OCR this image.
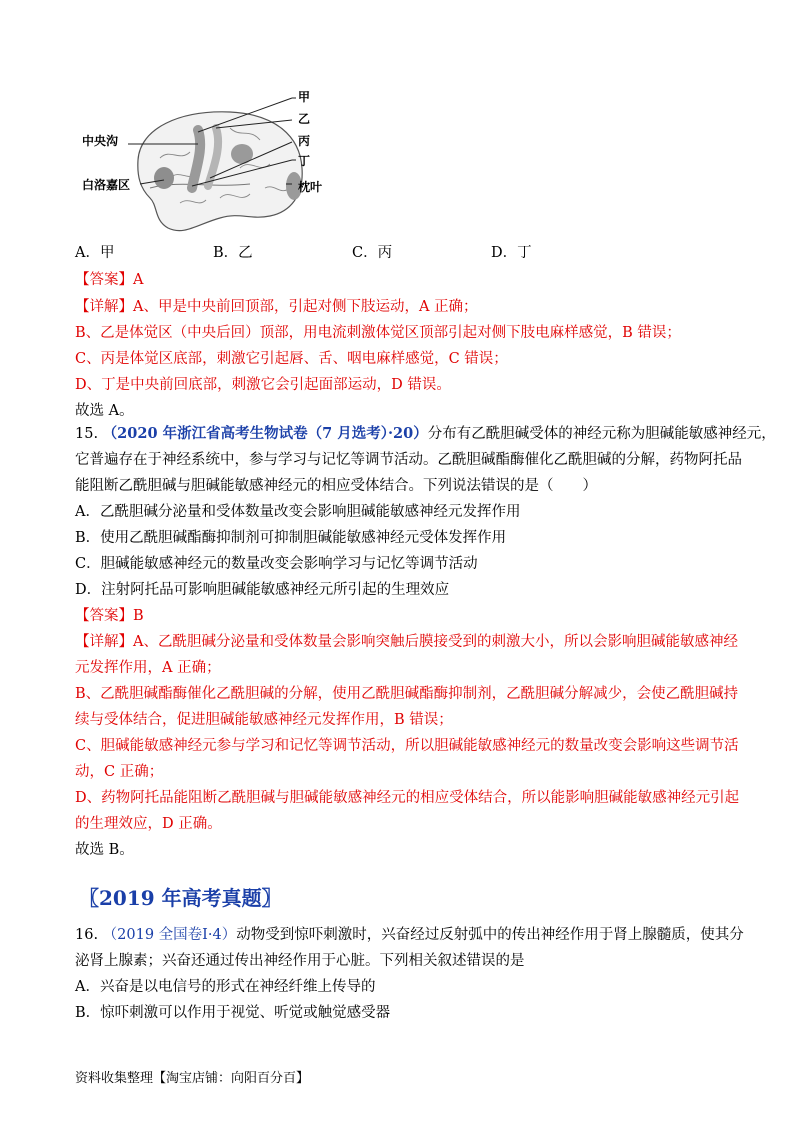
甲
乙
丙
丁
中央沟
白洛嘉区	枕叶
A．甲	B．乙	C．丙	D．丁
【答案】A
【详解】A、甲是中央前回顶部，引起对侧下肢运动，A 正确；
B、乙是体觉区（中央后回）顶部，用电流刺激体觉区顶部引起对侧下肢电麻样感觉，B 错误；
C、丙是体觉区底部，刺激它引起唇、舌、咽电麻样感觉，C 错误；
D、丁是中央前回底部，刺激它会引起面部运动，D 错误。
故选 A。
15. （2020 年浙江省高考生物试卷（7 月选考）·20）分布有乙酰胆碱受体的神经元称为胆碱能敏感神经元，
它普遍存在于神经系统中，参与学习与记忆等调节活动。乙酰胆碱酯酶催化乙酰胆碱的分解，药物阿托品
能阻断乙酰胆碱与胆碱能敏感神经元的相应受体结合。下列说法错误的是（　　）
A．乙酰胆碱分泌量和受体数量改变会影响胆碱能敏感神经元发挥作用
B．使用乙酰胆碱酯酶抑制剂可抑制胆碱能敏感神经元受体发挥作用
C．胆碱能敏感神经元的数量改变会影响学习与记忆等调节活动
D．注射阿托品可影响胆碱能敏感神经元所引起的生理效应
【答案】B
【详解】A、乙酰胆碱分泌量和受体数量会影响突触后膜接受到的刺激大小，所以会影响胆碱能敏感神经
元发挥作用，A 正确；
B、乙酰胆碱酯酶催化乙酰胆碱的分解，使用乙酰胆碱酯酶抑制剂，乙酰胆碱分解减少，会使乙酰胆碱持
续与受体结合，促进胆碱能敏感神经元发挥作用，B 错误；
C、胆碱能敏感神经元参与学习和记忆等调节活动，所以胆碱能敏感神经元的数量改变会影响这些调节活
动，C 正确；
D、药物阿托品能阻断乙酰胆碱与胆碱能敏感神经元的相应受体结合，所以能影响胆碱能敏感神经元引起
的生理效应，D 正确。
故选 B。
〖2019 年高考真题〗
16. （2019 全国卷Ⅰ·4）动物受到惊吓刺激时，兴奋经过反射弧中的传出神经作用于肾上腺髓质，使其分
泌肾上腺素；兴奋还通过传出神经作用于心脏。下列相关叙述错误的是
A．兴奋是以电信号的形式在神经纤维上传导的
B．惊吓刺激可以作用于视觉、听觉或触觉感受器
资料收集整理【淘宝店铺：向阳百分百】
